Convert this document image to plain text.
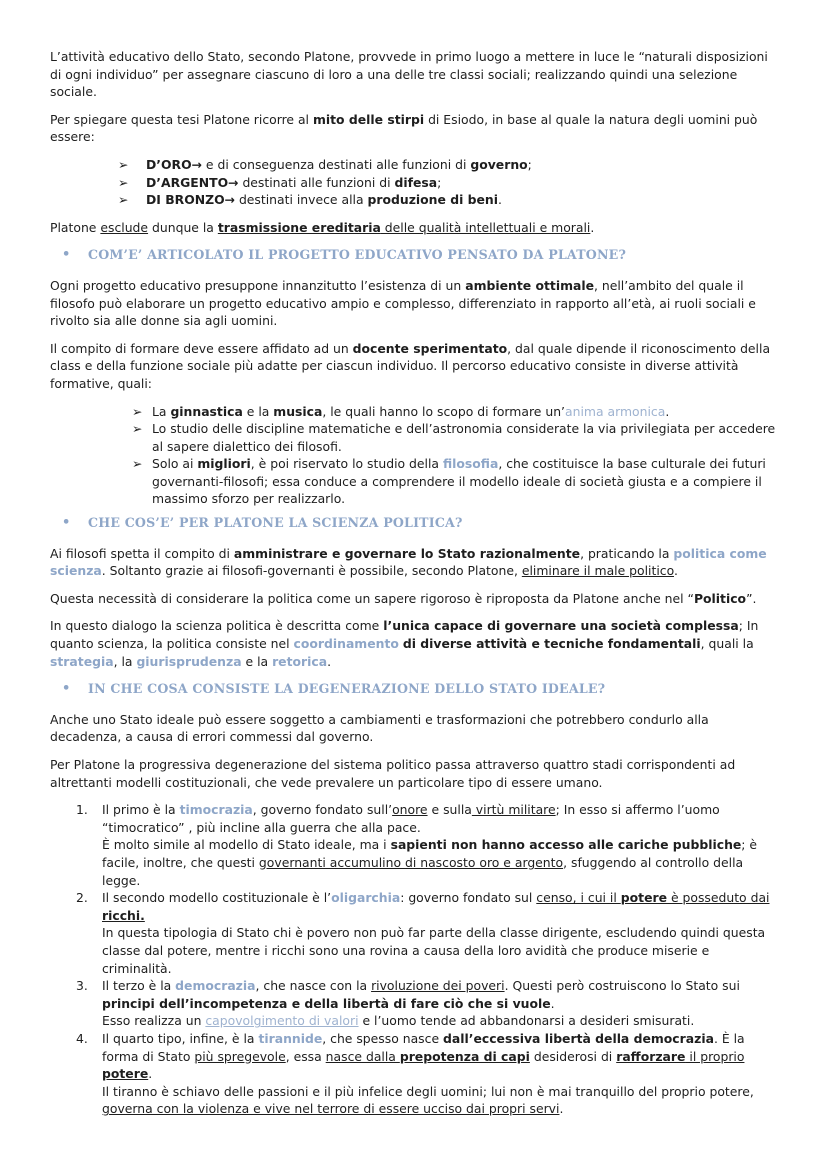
L’attività educativo dello Stato, secondo Platone, provvede in primo luogo a mettere in luce le “naturali disposizioni di ogni individuo” per assegnare ciascuno di loro a una delle tre classi sociali; realizzando quindi una selezione sociale.

Per spiegare questa tesi Platone ricorre al mito delle stirpi di Esiodo, in base al quale la natura degli uomini può essere:

➢ D’ORO→ e di conseguenza destinati alle funzioni di governo;
➢ D’ARGENTO→ destinati alle funzioni di difesa;
➢ DI BRONZO→ destinati invece alla produzione di beni.

Platone esclude dunque la trasmissione ereditaria delle qualità intellettuali e morali.

• COM’E’ ARTICOLATO IL PROGETTO EDUCATIVO PENSATO DA PLATONE?

Ogni progetto educativo presuppone innanzitutto l’esistenza di un ambiente ottimale, nell’ambito del quale il filosofo può elaborare un progetto educativo ampio e complesso, differenziato in rapporto all’età, ai ruoli sociali e rivolto sia alle donne sia agli uomini.

Il compito di formare deve essere affidato ad un docente sperimentato, dal quale dipende il riconoscimento della class e della funzione sociale più adatte per ciascun individuo. Il percorso educativo consiste in diverse attività formative, quali:

➢ La ginnastica e la musica, le quali hanno lo scopo di formare un’anima armonica.
➢ Lo studio delle discipline matematiche e dell’astronomia considerate la via privilegiata per accedere al sapere dialettico dei filosofi.
➢ Solo ai migliori, è poi riservato lo studio della filosofia, che costituisce la base culturale dei futuri governanti-filosofi; essa conduce a comprendere il modello ideale di società giusta e a compiere il massimo sforzo per realizzarlo.
• CHE COS’E’ PER PLATONE LA SCIENZA POLITICA?

Ai filosofi spetta il compito di amministrare e governare lo Stato razionalmente, praticando la politica come scienza. Soltanto grazie ai filosofi-governanti è possibile, secondo Platone, eliminare il male politico.

Questa necessità di considerare la politica come un sapere rigoroso è riproposta da Platone anche nel “Politico”.

In questo dialogo la scienza politica è descritta come l’unica capace di governare una società complessa; In quanto scienza, la politica consiste nel coordinamento di diverse attività e tecniche fondamentali, quali la strategia, la giurisprudenza e la retorica.

• IN CHE COSA CONSISTE LA DEGENERAZIONE DELLO STATO IDEALE?

Anche uno Stato ideale può essere soggetto a cambiamenti e trasformazioni che potrebbero condurlo alla decadenza, a causa di errori commessi dal governo.

Per Platone la progressiva degenerazione del sistema politico passa attraverso quattro stadi corrispondenti ad altrettanti modelli costituzionali, che vede prevalere un particolare tipo di essere umano.

1. Il primo è la timocrazia, governo fondato sull’onore e sulla virtù militare; In esso si affermo l’uomo “timocratico” , più incline alla guerra che alla pace.
È molto simile al modello di Stato ideale, ma i sapienti non hanno accesso alle cariche pubbliche; è facile, inoltre, che questi governanti accumulino di nascosto oro e argento, sfuggendo al controllo della legge.
2. Il secondo modello costituzionale è l’oligarchia: governo fondato sul censo, i cui il potere è posseduto dai ricchi.
In questa tipologia di Stato chi è povero non può far parte della classe dirigente, escludendo quindi questa classe dal potere, mentre i ricchi sono una rovina a causa della loro avidità che produce miserie e criminalità.
3. Il terzo è la democrazia, che nasce con la rivoluzione dei poveri. Questi però costruiscono lo Stato sui principi dell’incompetenza e della libertà di fare ciò che si vuole.
Esso realizza un capovolgimento di valori e l’uomo tende ad abbandonarsi a desideri smisurati.
4. Il quarto tipo, infine, è la tirannide, che spesso nasce dall’eccessiva libertà della democrazia. È la forma di Stato più spregevole, essa nasce dalla prepotenza di capi desiderosi di rafforzare il proprio potere.
Il tiranno è schiavo delle passioni e il più infelice degli uomini; lui non è mai tranquillo del proprio potere, governa con la violenza e vive nel terrore di essere ucciso dai propri servi.
